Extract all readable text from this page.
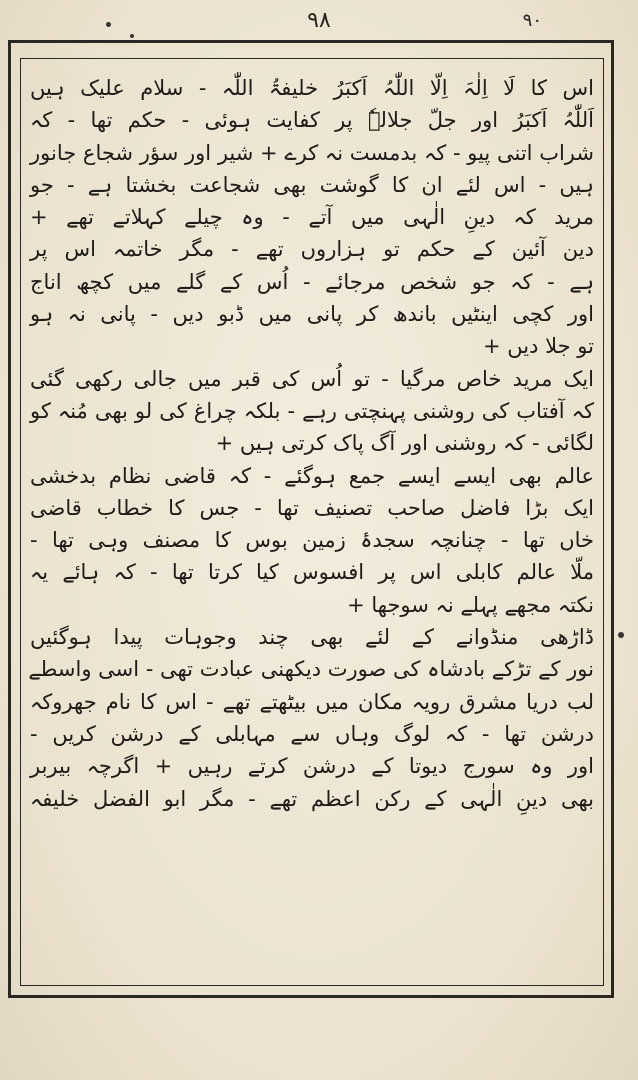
۹۸	۹۰
اس کا لَا اِلٰہَ اِلّا اللّٰہُ اَکبَرُ خلیفۃُ اللّٰہ - سلام علیک ہیں
اَللّٰہُ اَکبَرُ اور جلّ جلالہٗ پر کفایت ہوئی - حکم تھا - کہ
شراب اتنی پیو - کہ بدمست نہ کرے + شیر اور سؤر شجاع جانور
ہیں - اس لئے ان کا گوشت بھی شجاعت بخشتا ہے - جو
مرید کہ دینِ الٰہی میں آتے - وہ چیلے کہلاتے تھے +
دین آئین کے حکم تو ہزاروں تھے - مگر خاتمہ اس پر
ہے - کہ جو شخص مرجائے - اُس کے گلے میں کچھ اناج
اور کچی اینٹیں باندھ کر پانی میں ڈبو دیں - پانی نہ ہو
تو جلا دیں +
ایک مرید خاص مرگیا - تو اُس کی قبر میں جالی رکھی گئی
کہ آفتاب کی روشنی پہنچتی رہے - بلکہ چراغ کی لو بھی مُنہ کو
لگائی - کہ روشنی اور آگ پاک کرتی ہیں +
عالم بھی ایسے ایسے جمع ہوگئے - کہ قاضی نظام بدخشی
ایک بڑا فاضل صاحب تصنیف تھا - جس کا خطاب قاضی
خاں تھا - چنانچہ سجدۂ زمین بوس کا مصنف وہی تھا -
ملّا عالم کابلی اس پر افسوس کیا کرتا تھا - کہ ہائے یہ
نکتہ مجھے پہلے نہ سوجھا +
ڈاڑھی منڈوانے کے لئے بھی چند وجوہات پیدا ہوگئیں
نور کے تڑکے بادشاہ کی صورت دیکھنی عبادت تھی - اسی واسطے
لب دریا مشرق رویہ مکان میں بیٹھتے تھے - اس کا نام جھروکہ
درشن تھا - کہ لوگ وہاں سے مہابلی کے درشن کریں -
اور وہ سورج دیوتا کے درشن کرتے رہیں + اگرچہ بیربر
بھی دینِ الٰہی کے رکن اعظم تھے - مگر ابو الفضل خلیفہ
